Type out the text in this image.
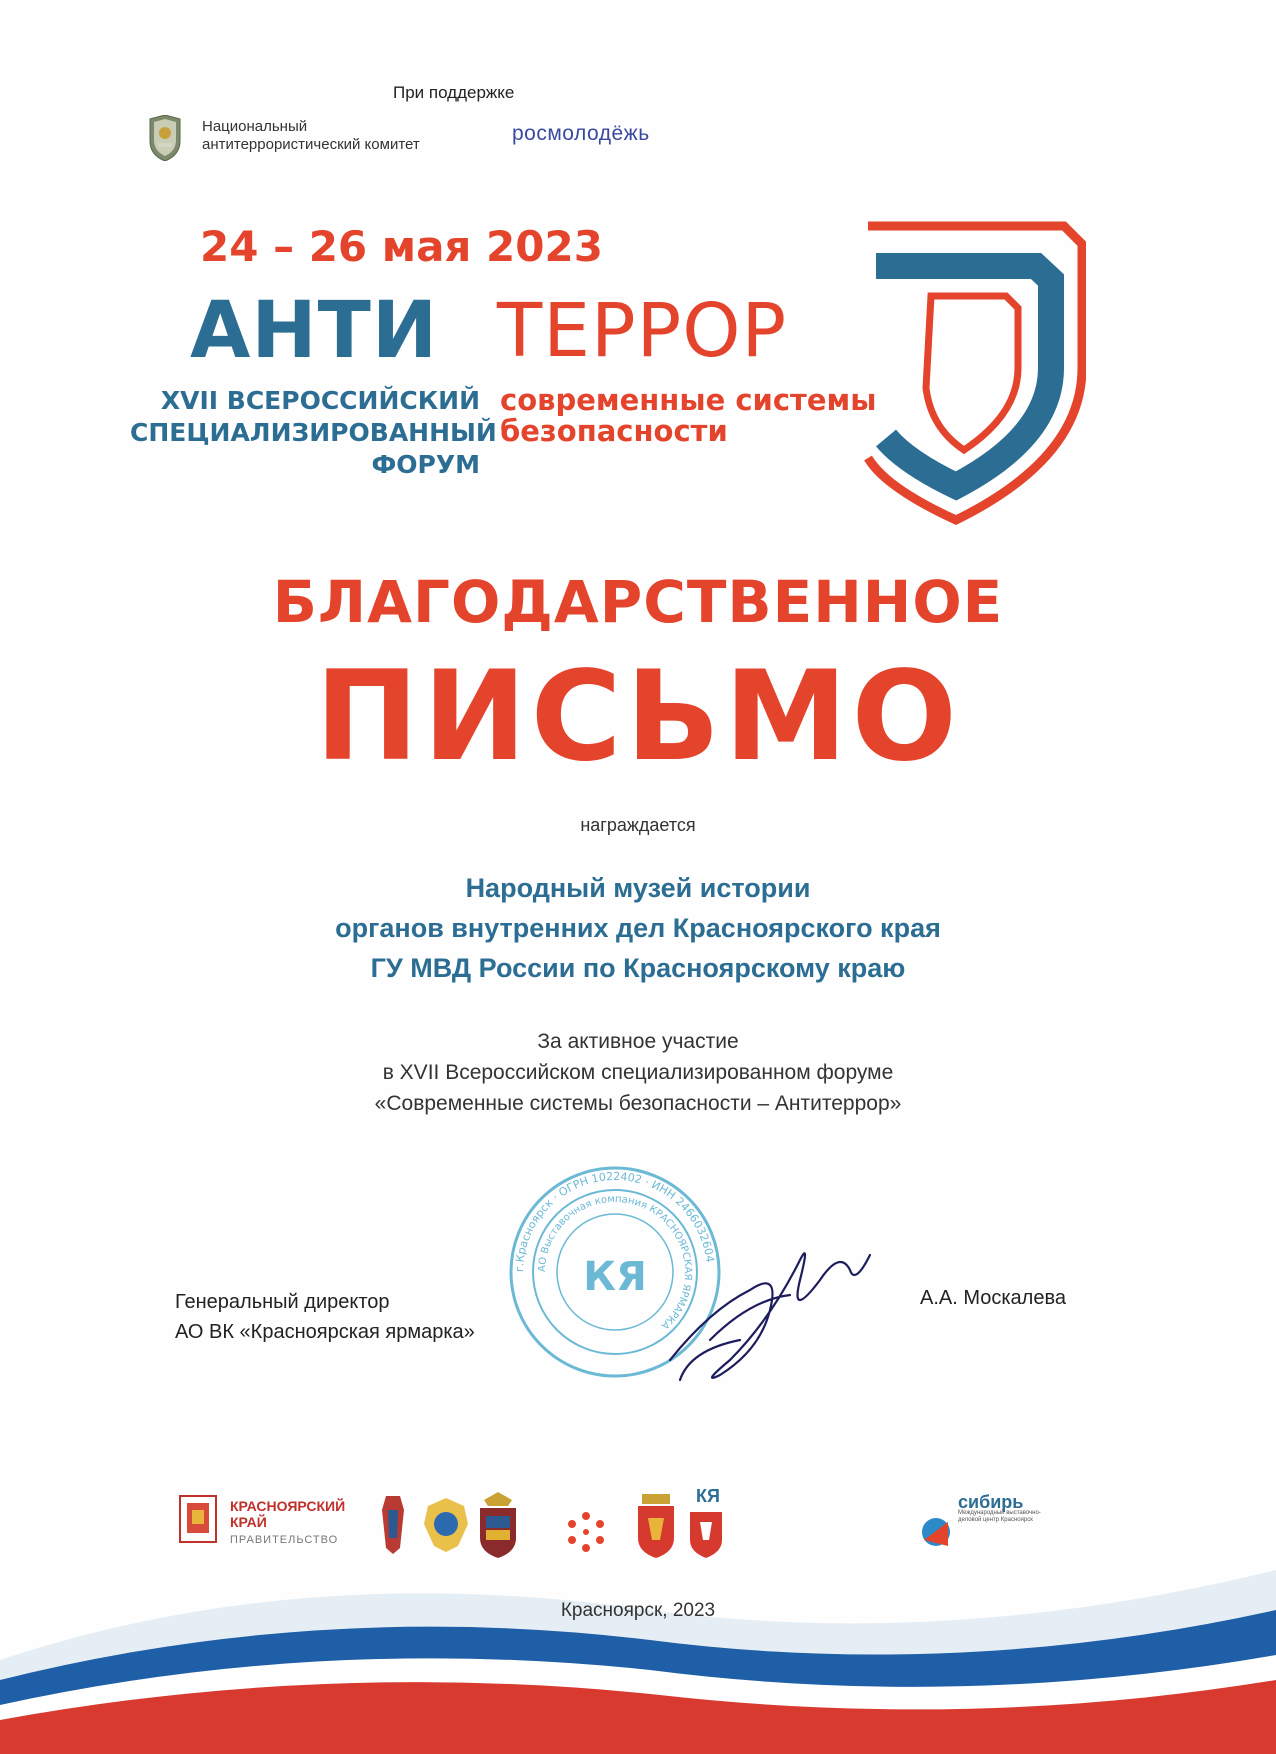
При поддержке
Национальный
антитеррористический комитет	росмолодёжь
24 – 26 мая 2023
АНТИ ТЕРРОР
XVII ВСЕРОССИЙСКИЙ
СПЕЦИАЛИЗИРОВАННЫЙ
ФОРУМ
современные системы
безопасности
БЛАГОДАРСТВЕННОЕ
ПИСЬМО
награждается
Народный музей истории
органов внутренних дел Красноярского края
ГУ МВД России по Красноярскому краю
За активное участие
в XVII Всероссийском специализированном форуме
«Современные системы безопасности – Антитеррор»
Генеральный директор
АО ВК «Красноярская ярмарка»
А.А. Москалева
г.Красноярск · ОГРН 1022402 · ИНН 2466032604
АО Выставочная компания КРАСНОЯРСКАЯ ЯРМАРКА
КЯ
КРАСНОЯРСКИЙ
КРАЙ
ПРАВИТЕЛЬСТВО
КЯ	сибирь
Международный выставочно-деловой центр Красноярск
Красноярск, 2023
